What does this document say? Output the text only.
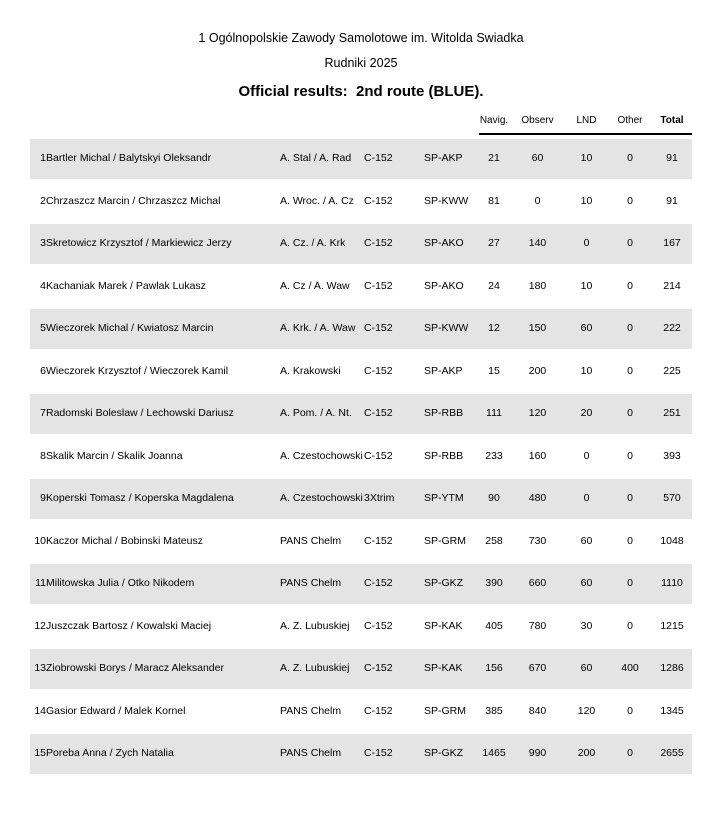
1 Ogólnopolskie Zawody Samolotowe im. Witolda Swiadka
Rudniki 2025
Official results:  2nd route (BLUE).
Navig.	Observ	LND	Other	Total
1	Bartler Michal / Balytskyi Oleksandr	A. Stal / A. Rad	C-152	SP-AKP	21	60	10	0	91
2	Chrzaszcz Marcin / Chrzaszcz Michal	A. Wroc. / A. Cz	C-152	SP-KWW	81	0	10	0	91
3	Skretowicz Krzysztof / Markiewicz Jerzy	A. Cz. / A. Krk	C-152	SP-AKO	27	140	0	0	167
4	Kachaniak Marek / Pawlak Lukasz	A. Cz / A. Waw	C-152	SP-AKO	24	180	10	0	214
5	Wieczorek Michal / Kwiatosz Marcin	A. Krk. / A. Waw	C-152	SP-KWW	12	150	60	0	222
6	Wieczorek Krzysztof / Wieczorek Kamil	A. Krakowski	C-152	SP-AKP	15	200	10	0	225
7	Radomski Boleslaw / Lechowski Dariusz	A. Pom. / A. Nt.	C-152	SP-RBB	111	120	20	0	251
8	Skalik Marcin / Skalik Joanna	A. Czestochowski	C-152	SP-RBB	233	160	0	0	393
9	Koperski Tomasz / Koperska Magdalena	A. Czestochowski	3Xtrim	SP-YTM	90	480	0	0	570
10	Kaczor Michal / Bobinski Mateusz	PANS Chelm	C-152	SP-GRM	258	730	60	0	1048
11	Militowska Julia / Otko Nikodem	PANS Chelm	C-152	SP-GKZ	390	660	60	0	1110
12	Juszczak Bartosz / Kowalski Maciej	A. Z. Lubuskiej	C-152	SP-KAK	405	780	30	0	1215
13	Ziobrowski Borys / Maracz Aleksander	A. Z. Lubuskiej	C-152	SP-KAK	156	670	60	400	1286
14	Gasior Edward / Malek Kornel	PANS Chelm	C-152	SP-GRM	385	840	120	0	1345
15	Poreba Anna / Zych Natalia	PANS Chelm	C-152	SP-GKZ	1465	990	200	0	2655
